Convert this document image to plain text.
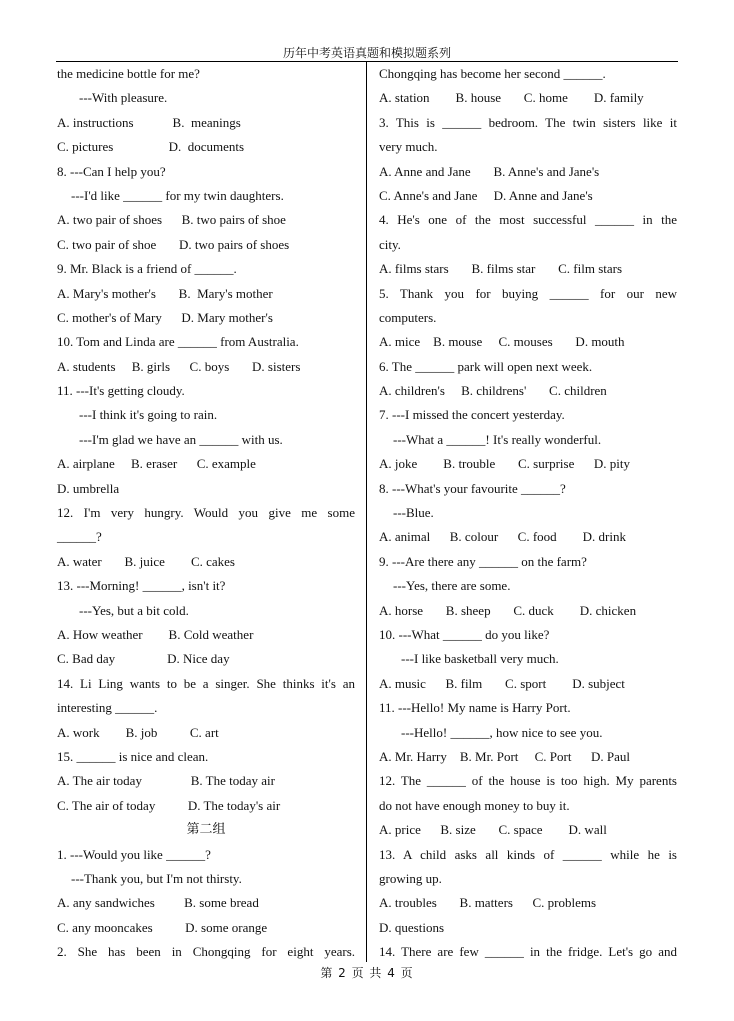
历年中考英语真题和模拟题系列
the medicine bottle for me?
---With pleasure.
A. instructions            B.  meanings
C. pictures                 D.  documents
8. ---Can I help you?
---I'd like ______ for my twin daughters.
A. two pair of shoes      B. two pairs of shoe
C. two pair of shoe       D. two pairs of shoes
9. Mr. Black is a friend of ______.
A. Mary's mother's       B.  Mary's mother
C. mother's of Mary      D. Mary mother's
10. Tom and Linda are ______ from Australia.
A. students     B. girls      C. boys       D. sisters
11. ---It's getting cloudy.
---I think it's going to rain.
---I'm glad we have an ______ with us.
A. airplane     B. eraser      C. example
D. umbrella
12. I'm very hungry. Would you give me some
______?
A. water       B. juice        C. cakes
13. ---Morning! ______, isn't it?
---Yes, but a bit cold.
A. How weather        B. Cold weather
C. Bad day                D. Nice day
14. Li Ling wants to be a singer. She thinks it's an
interesting ______.
A. work        B. job          C. art
15. ______ is nice and clean.
A. The air today               B. The today air
C. The air of today          D. The today's air
第二组
1. ---Would you like ______?
---Thank you, but I'm not thirsty.
A. any sandwiches         B. some bread
C. any mooncakes          D. some orange
2. She has been in Chongqing for eight years.
Chongqing has become her second ______.
A. station        B. house       C. home        D. family
3. This is ______ bedroom. The twin sisters like it
very much.
A. Anne and Jane       B. Anne's and Jane's
C. Anne's and Jane     D. Anne and Jane's
4. He's one of the most successful ______ in the
city.
A. films stars       B. films star       C. film stars
5. Thank you for buying ______ for our new
computers.
A. mice    B. mouse     C. mouses       D. mouth
6. The ______ park will open next week.
A. children's     B. childrens'       C. children
7. ---I missed the concert yesterday.
---What a ______! It's really wonderful.
A. joke        B. trouble       C. surprise      D. pity
8. ---What's your favourite ______?
---Blue.
A. animal      B. colour      C. food        D. drink
9. ---Are there any ______ on the farm?
---Yes, there are some.
A. horse       B. sheep       C. duck        D. chicken
10. ---What ______ do you like?
---I like basketball very much.
A. music      B. film       C. sport        D. subject
11. ---Hello! My name is Harry Port.
---Hello! ______, how nice to see you.
A. Mr. Harry    B. Mr. Port     C. Port      D. Paul
12. The ______ of the house is too high. My parents
do not have enough money to buy it.
A. price      B. size       C. space        D. wall
13. A child asks all kinds of ______ while he is
growing up.
A. troubles       B. matters      C. problems
D. questions
14. There are few ______ in the fridge. Let's go and
第 2 页 共 4 页
